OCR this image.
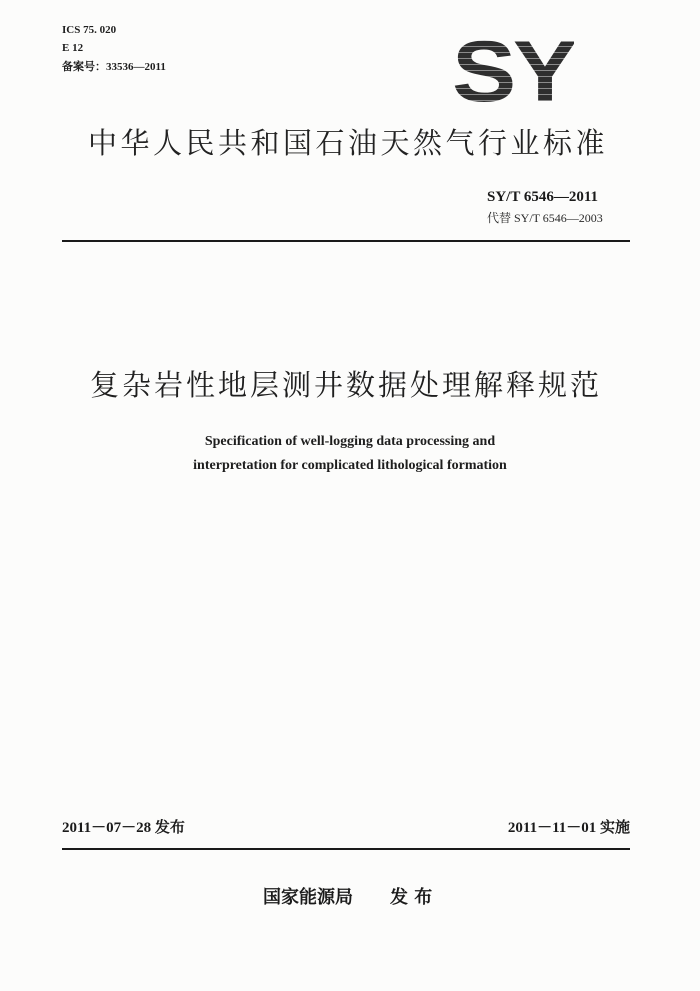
ICS 75. 020
E 12
备案号：33536—2011	SY
中华人民共和国石油天然气行业标准
SY/T 6546—2011
代替 SY/T 6546—2003
复杂岩性地层测井数据处理解释规范
Specification of well-logging data processing and
interpretation for complicated lithological formation
2011－07－28 发布	2011－11－01 实施
国家能源局 发 布
